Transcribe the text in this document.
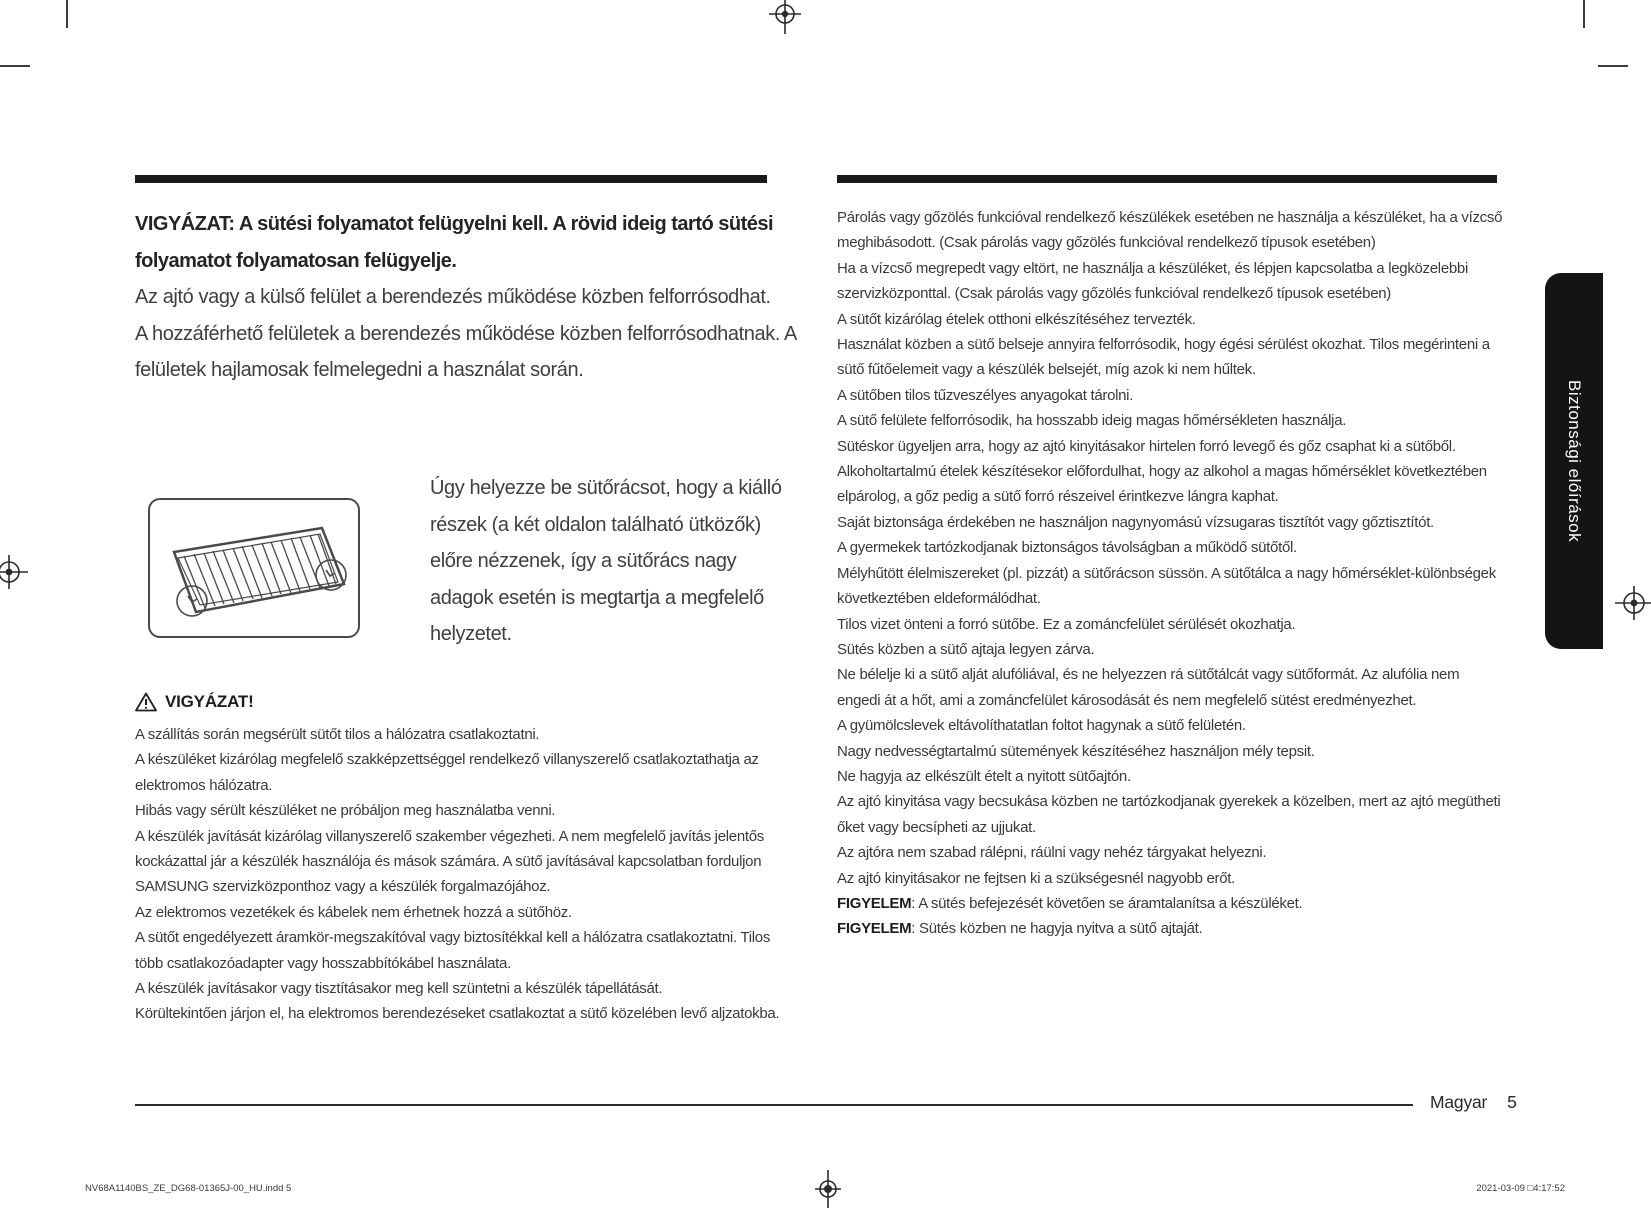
VIGYÁZAT: A sütési folyamatot felügyelni kell. A rövid ideig tartó sütési folyamatot folyamatosan felügyelje.

Az ajtó vagy a külső felület a berendezés működése közben felforrósodhat.

A hozzáférhető felületek a berendezés működése közben felforrósodhatnak. A felületek hajlamosak felmelegedni a használat során.

Úgy helyezze be sütőrácsot, hogy a kiálló részek (a két oldalon található ütközők) előre nézzenek, így a sütőrács nagy adagok esetén is megtartja a megfelelő helyzetet.
VIGYÁZAT!

A szállítás során megsérült sütőt tilos a hálózatra csatlakoztatni.

A készüléket kizárólag megfelelő szakképzettséggel rendelkező villanyszerelő csatlakoztathatja az elektromos hálózatra.

Hibás vagy sérült készüléket ne próbáljon meg használatba venni.

A készülék javítását kizárólag villanyszerelő szakember végezheti. A nem megfelelő javítás jelentős kockázattal jár a készülék használója és mások számára. A sütő javításával kapcsolatban forduljon SAMSUNG szervizközponthoz vagy a készülék forgalmazójához.

Az elektromos vezetékek és kábelek nem érhetnek hozzá a sütőhöz.

A sütőt engedélyezett áramkör-megszakítóval vagy biztosítékkal kell a hálózatra csatlakoztatni. Tilos több csatlakozóadapter vagy hosszabbítókábel használata.

A készülék javításakor vagy tisztításakor meg kell szüntetni a készülék tápellátását.

Körültekintően járjon el, ha elektromos berendezéseket csatlakoztat a sütő közelében levő aljzatokba.

Párolás vagy gőzölés funkcióval rendelkező készülékek esetében ne használja a készüléket, ha a vízcső meghibásodott. (Csak párolás vagy gőzölés funkcióval rendelkező típusok esetében)

Ha a vízcső megrepedt vagy eltört, ne használja a készüléket, és lépjen kapcsolatba a legközelebbi szervizközponttal. (Csak párolás vagy gőzölés funkcióval rendelkező típusok esetében)

A sütőt kizárólag ételek otthoni elkészítéséhez tervezték.

Használat közben a sütő belseje annyira felforrósodik, hogy égési sérülést okozhat. Tilos megérinteni a sütő fűtőelemeit vagy a készülék belsejét, míg azok ki nem hűltek.

A sütőben tilos tűzveszélyes anyagokat tárolni.

A sütő felülete felforrósodik, ha hosszabb ideig magas hőmérsékleten használja.

Sütéskor ügyeljen arra, hogy az ajtó kinyitásakor hirtelen forró levegő és gőz csaphat ki a sütőből.

Alkoholtartalmú ételek készítésekor előfordulhat, hogy az alkohol a magas hőmérséklet következtében elpárolog, a gőz pedig a sütő forró részeivel érintkezve lángra kaphat.

Saját biztonsága érdekében ne használjon nagynyomású vízsugaras tisztítót vagy gőztisztítót.

A gyermekek tartózkodjanak biztonságos távolságban a működő sütőtől.

Mélyhűtött élelmiszereket (pl. pizzát) a sütőrácson süssön. A sütőtálca a nagy hőmérséklet-különbségek következtében eldeformálódhat.

Tilos vizet önteni a forró sütőbe. Ez a zománcfelület sérülését okozhatja.

Sütés közben a sütő ajtaja legyen zárva.

Ne bélelje ki a sütő alját alufóliával, és ne helyezzen rá sütőtálcát vagy sütőformát. Az alufólia nem engedi át a hőt, ami a zománcfelület károsodását és nem megfelelő sütést eredményezhet.

A gyümölcslevek eltávolíthatatlan foltot hagynak a sütő felületén.

Nagy nedvességtartalmú sütemények készítéséhez használjon mély tepsit.

Ne hagyja az elkészült ételt a nyitott sütőajtón.

Az ajtó kinyitása vagy becsukása közben ne tartózkodjanak gyerekek a közelben, mert az ajtó megütheti őket vagy becsípheti az ujjukat.

Az ajtóra nem szabad rálépni, ráülni vagy nehéz tárgyakat helyezni.

Az ajtó kinyitásakor ne fejtsen ki a szükségesnél nagyobb erőt.

FIGYELEM: A sütés befejezését követően se áramtalanítsa a készüléket.

FIGYELEM: Sütés közben ne hagyja nyitva a sütő ajtaját.

Biztonsági előírások
Magyar 5
NV68A1140BS_ZE_DG68-01365J-00_HU.indd 5	2021-03-09 □4:17:52
